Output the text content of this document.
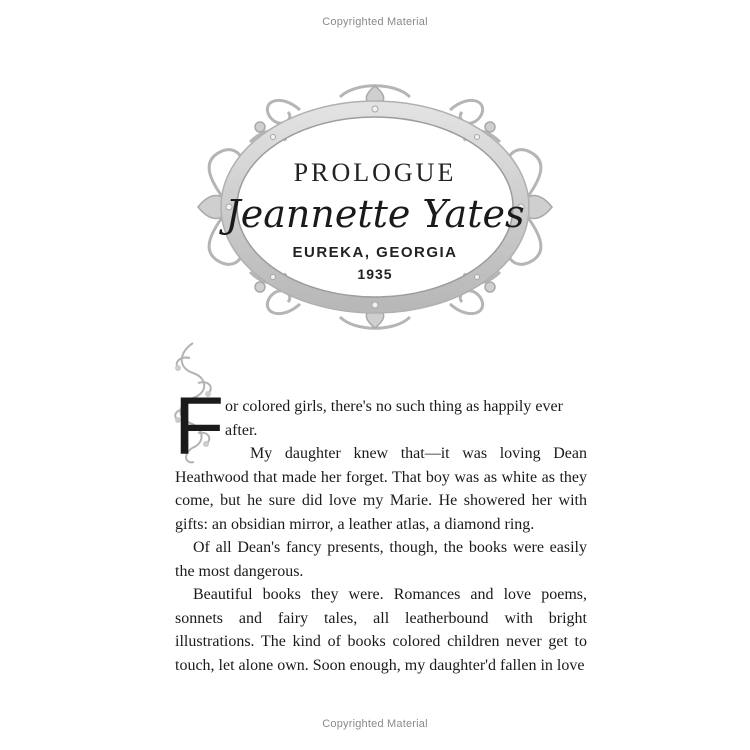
Copyrighted Material
PROLOGUE
Jeannette Yates
EUREKA, GEORGIA
1935
F or colored girls, there's no such thing as happily ever after.
My daughter knew that—it was loving Dean Heathwood that made her forget. That boy was as white as they come, but he sure did love my Marie. He showered her with gifts: an obsidian mirror, a leather atlas, a diamond ring.
Of all Dean's fancy presents, though, the books were easily the most dangerous.
Beautiful books they were. Romances and love poems, sonnets and fairy tales, all leatherbound with bright illustrations. The kind of books colored children never get to touch, let alone own. Soon enough, my daughter'd fallen in love
Copyrighted Material
